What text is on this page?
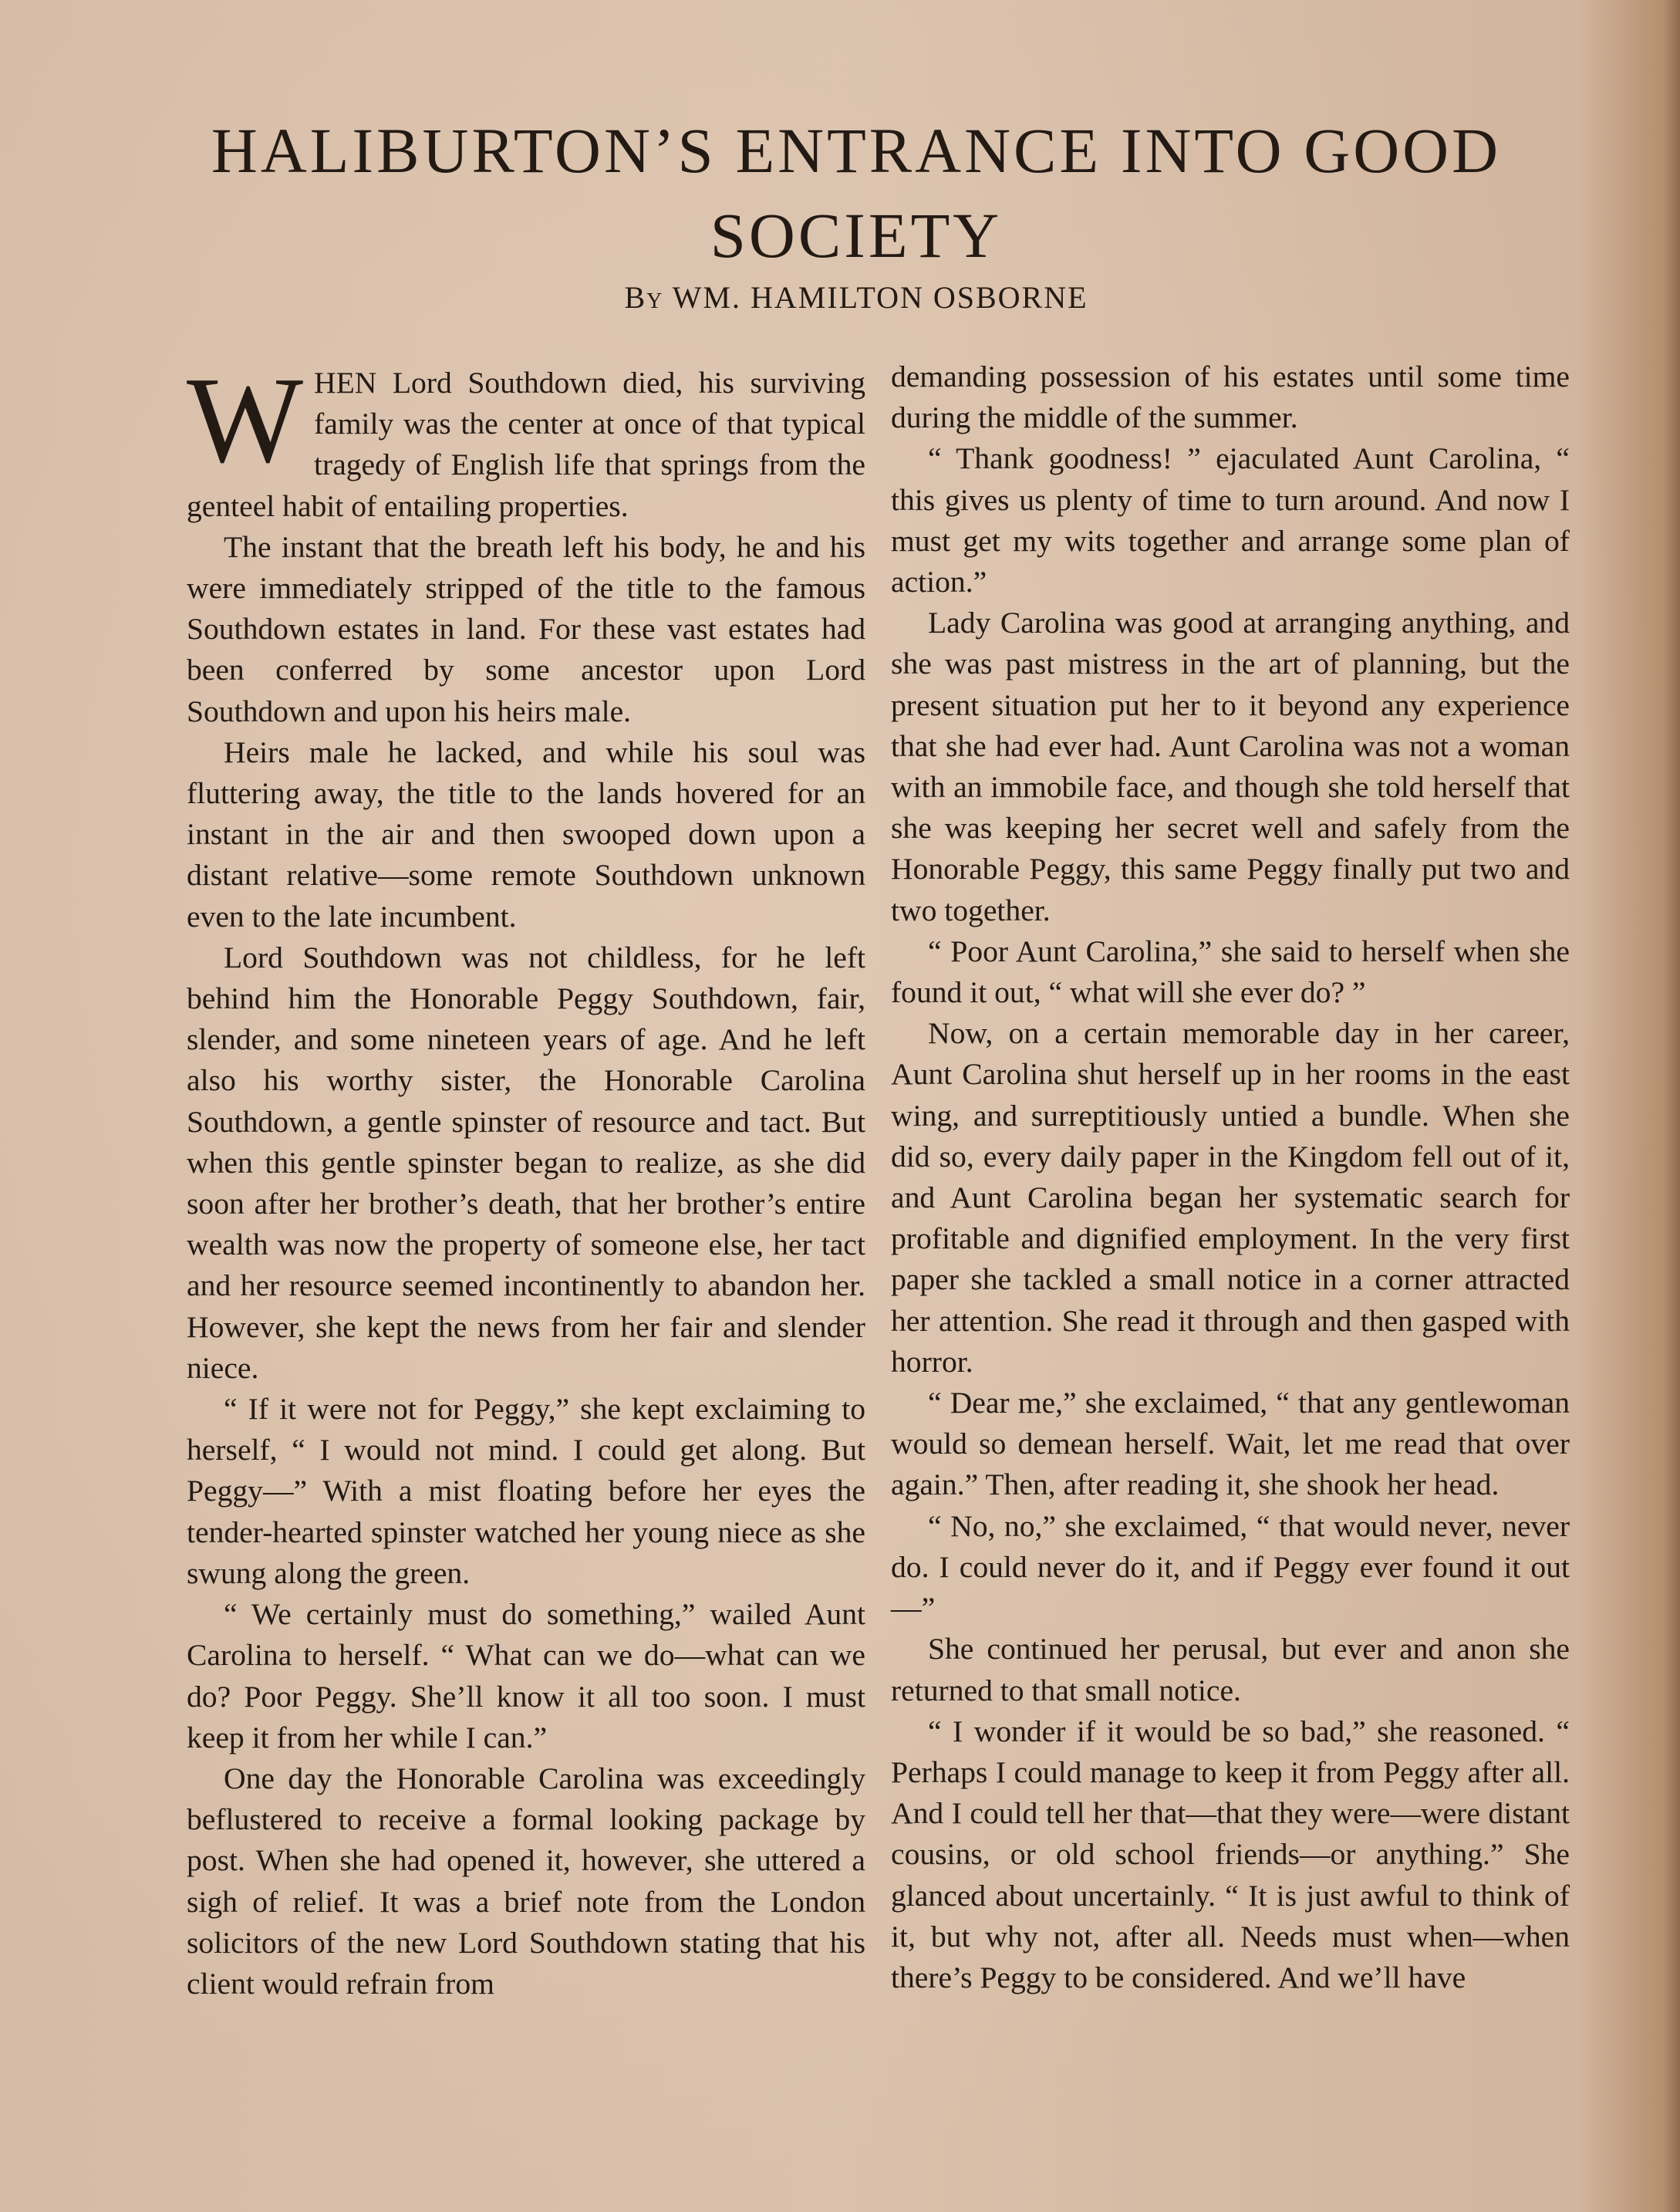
HALIBURTON’S ENTRANCE INTO GOOD SOCIETY
By WM. HAMILTON OSBORNE

WHEN Lord Southdown died, his surviving family was the center at once of that typical tragedy of English life that springs from the genteel habit of entailing properties.

The instant that the breath left his body, he and his were immediately stripped of the title to the famous Southdown estates in land. For these vast estates had been conferred by some ancestor upon Lord Southdown and upon his heirs male.

Heirs male he lacked, and while his soul was fluttering away, the title to the lands hovered for an instant in the air and then swooped down upon a distant relative—some remote Southdown unknown even to the late incumbent.

Lord Southdown was not childless, for he left behind him the Honorable Peggy Southdown, fair, slender, and some nineteen years of age. And he left also his worthy sister, the Honorable Carolina Southdown, a gentle spinster of resource and tact. But when this gentle spinster began to realize, as she did soon after her brother’s death, that her brother’s entire wealth was now the property of someone else, her tact and her resource seemed incontinently to abandon her. However, she kept the news from her fair and slender niece.

“ If it were not for Peggy,” she kept exclaiming to herself, “ I would not mind. I could get along. But Peggy—” With a mist floating before her eyes the tender-hearted spinster watched her young niece as she swung along the green.

“ We certainly must do something,” wailed Aunt Carolina to herself. “ What can we do—what can we do? Poor Peggy. She’ll know it all too soon. I must keep it from her while I can.”

One day the Honorable Carolina was exceedingly beflustered to receive a formal looking package by post. When she had opened it, however, she uttered a sigh of relief. It was a brief note from the London solicitors of the new Lord Southdown stating that his client would refrain from

demanding possession of his estates until some time during the middle of the summer.

“ Thank goodness! ” ejaculated Aunt Carolina, “ this gives us plenty of time to turn around. And now I must get my wits together and arrange some plan of action.”

Lady Carolina was good at arranging anything, and she was past mistress in the art of planning, but the present situation put her to it beyond any experience that she had ever had. Aunt Carolina was not a woman with an immobile face, and though she told herself that she was keeping her secret well and safely from the Honorable Peggy, this same Peggy finally put two and two together.

“ Poor Aunt Carolina,” she said to herself when she found it out, “ what will she ever do? ”

Now, on a certain memorable day in her career, Aunt Carolina shut herself up in her rooms in the east wing, and surreptitiously untied a bundle. When she did so, every daily paper in the Kingdom fell out of it, and Aunt Carolina began her systematic search for profitable and dignified employment. In the very first paper she tackled a small notice in a corner attracted her attention. She read it through and then gasped with horror.

“ Dear me,” she exclaimed, “ that any gentlewoman would so demean herself. Wait, let me read that over again.” Then, after reading it, she shook her head.

“ No, no,” she exclaimed, “ that would never, never do. I could never do it, and if Peggy ever found it out—”

She continued her perusal, but ever and anon she returned to that small notice.

“ I wonder if it would be so bad,” she reasoned. “ Perhaps I could manage to keep it from Peggy after all. And I could tell her that—that they were—were distant cousins, or old school friends—or anything.” She glanced about uncertainly. “ It is just awful to think of it, but why not, after all. Needs must when—when there’s Peggy to be considered. And we’ll have
